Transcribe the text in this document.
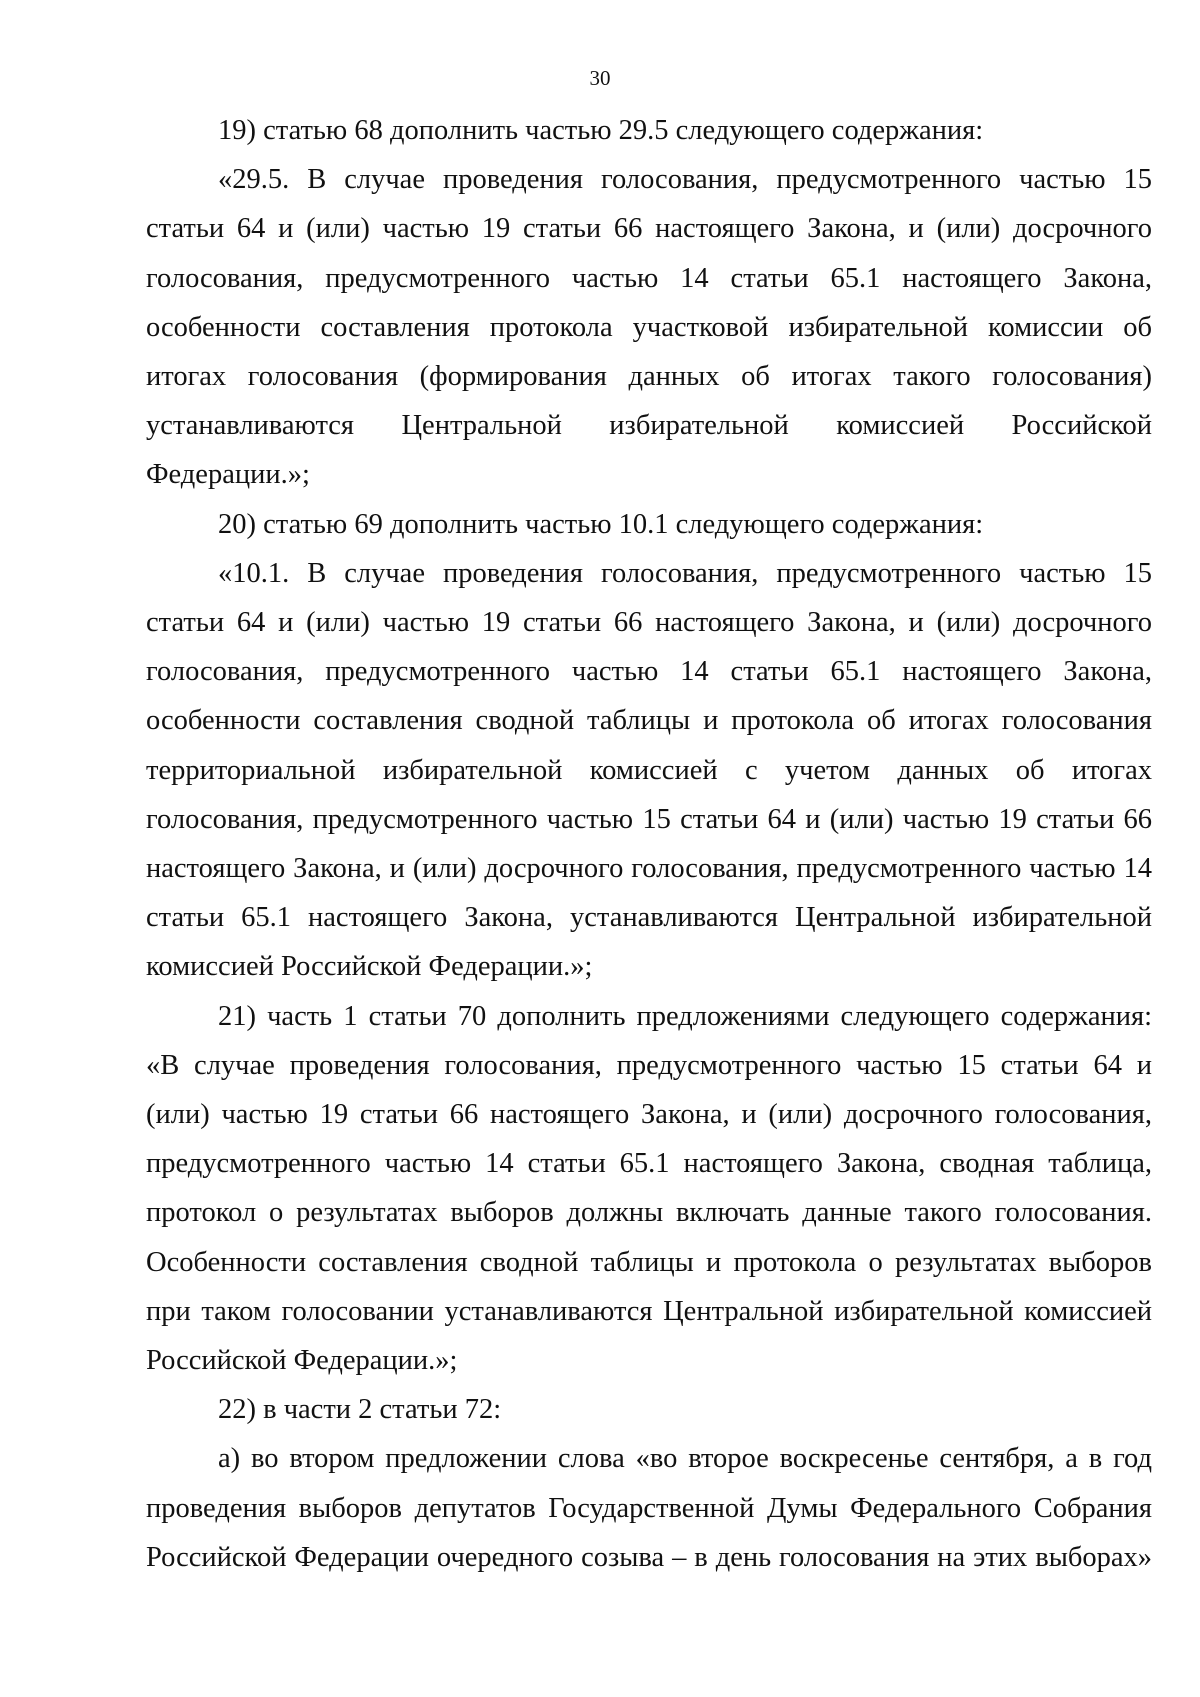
30
19) статью 68 дополнить частью 29.5 следующего содержания:
«29.5. В случае проведения голосования, предусмотренного частью 15
статьи 64 и (или) частью 19 статьи 66 настоящего Закона, и (или) досрочного
голосования, предусмотренного частью 14 статьи 65.1 настоящего Закона,
особенности составления протокола участковой избирательной комиссии об
итогах голосования (формирования данных об итогах такого голосования)
устанавливаются Центральной избирательной комиссией Российской
Федерации.»;
20) статью 69 дополнить частью 10.1 следующего содержания:
«10.1. В случае проведения голосования, предусмотренного частью 15
статьи 64 и (или) частью 19 статьи 66 настоящего Закона, и (или) досрочного
голосования, предусмотренного частью 14 статьи 65.1 настоящего Закона,
особенности составления сводной таблицы и протокола об итогах голосования
территориальной избирательной комиссией с учетом данных об итогах
голосования, предусмотренного частью 15 статьи 64 и (или) частью 19 статьи 66
настоящего Закона, и (или) досрочного голосования, предусмотренного частью 14
статьи 65.1 настоящего Закона, устанавливаются Центральной избирательной
комиссией Российской Федерации.»;
21) часть 1 статьи 70 дополнить предложениями следующего содержания:
«В случае проведения голосования, предусмотренного частью 15 статьи 64 и
(или) частью 19 статьи 66 настоящего Закона, и (или) досрочного голосования,
предусмотренного частью 14 статьи 65.1 настоящего Закона, сводная таблица,
протокол о результатах выборов должны включать данные такого голосования.
Особенности составления сводной таблицы и протокола о результатах выборов
при таком голосовании устанавливаются Центральной избирательной комиссией
Российской Федерации.»;
22) в части 2 статьи 72:
а) во втором предложении слова «во второе воскресенье сентября, а в год
проведения выборов депутатов Государственной Думы Федерального Собрания
Российской Федерации очередного созыва – в день голосования на этих выборах»
